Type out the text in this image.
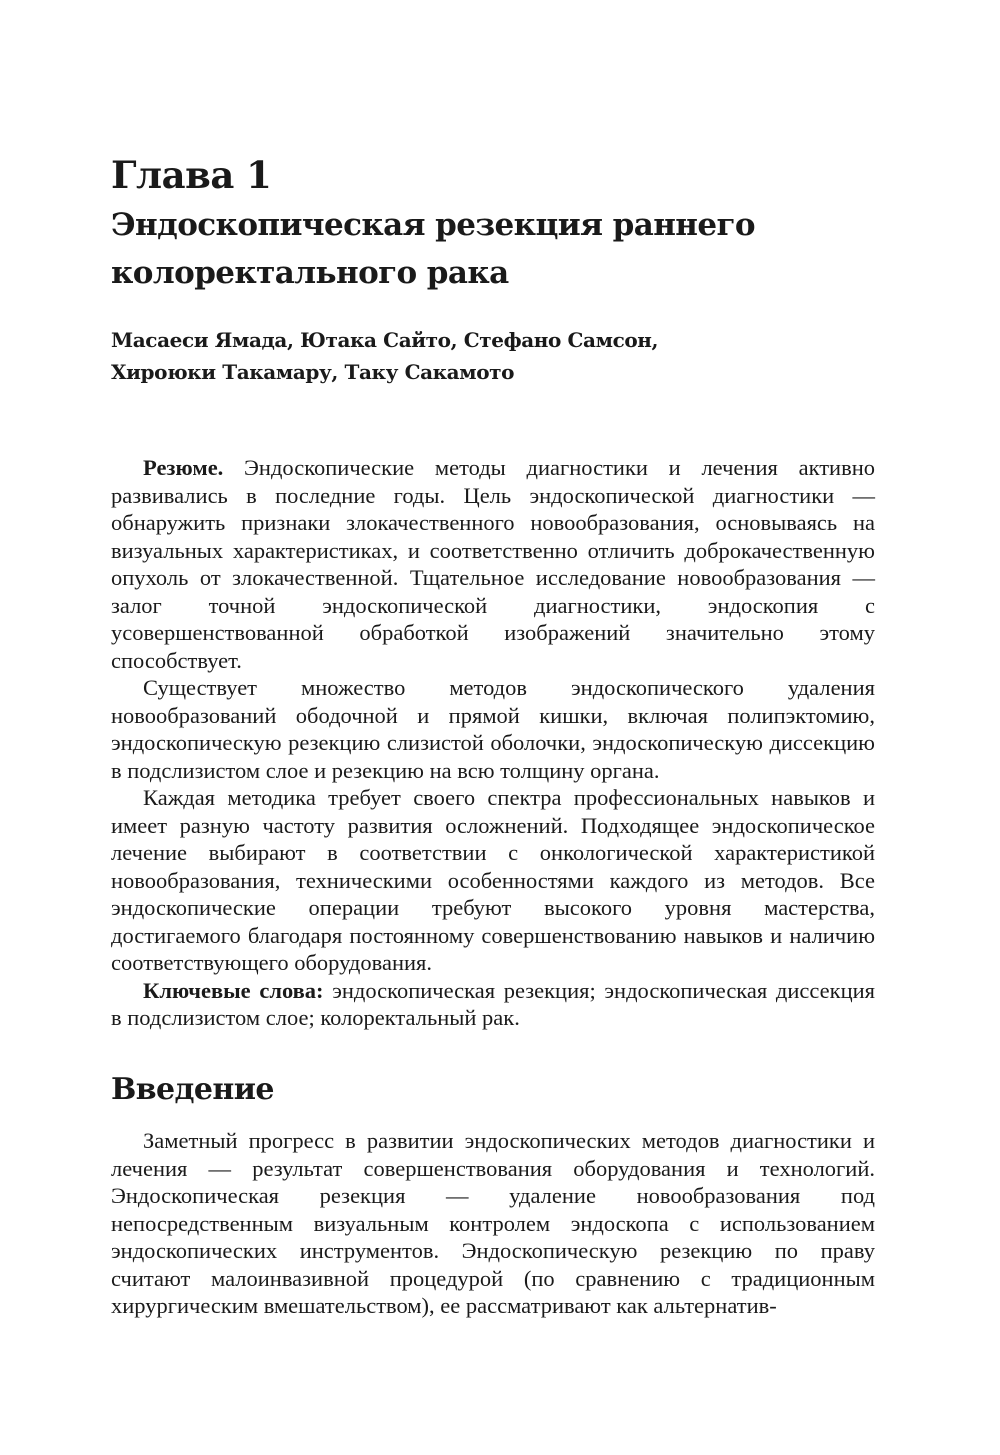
Глава 1
Эндоскопическая резекция раннего
колоректального рака
Масаеси Ямада, Ютака Сайто, Стефано Самсон,
Хироюки Такамару, Таку Сакамото

Резюме. Эндоскопические методы диагностики и лечения активно развивались в последние годы. Цель эндоскопической диагностики — обнаружить признаки злокачественного новообразования, основываясь на визуальных характеристиках, и соответственно отличить доброкачественную опухоль от злокачественной. Тщательное исследование новообразования — залог точной эндоскопической диагностики, эндоскопия с усовершенствованной обработкой изображений значительно этому способствует.

Существует множество методов эндоскопического удаления новообразований ободочной и прямой кишки, включая полипэктомию, эндоскопическую резекцию слизистой оболочки, эндоскопическую диссекцию в подслизистом слое и резекцию на всю толщину органа.

Каждая методика требует своего спектра профессиональных навыков и имеет разную частоту развития осложнений. Подходящее эндоскопическое лечение выбирают в соответствии с онкологической характеристикой новообразования, техническими особенностями каждого из методов. Все эндоскопические операции требуют высокого уровня мастерства, достигаемого благодаря постоянному совершенствованию навыков и наличию соответствующего оборудования.

Ключевые слова: эндоскопическая резекция; эндоскопическая диссекция в подслизистом слое; колоректальный рак.

Введение

Заметный прогресс в развитии эндоскопических методов диагностики и лечения — результат совершенствования оборудования и технологий. Эндоскопическая резекция — удаление новообразования под непосредственным визуальным контролем эндоскопа с использованием эндоскопических инструментов. Эндоскопическую резекцию по праву считают малоинвазивной процедурой (по сравнению с традиционным хирургическим вмешательством), ее рассматривают как альтернатив-
